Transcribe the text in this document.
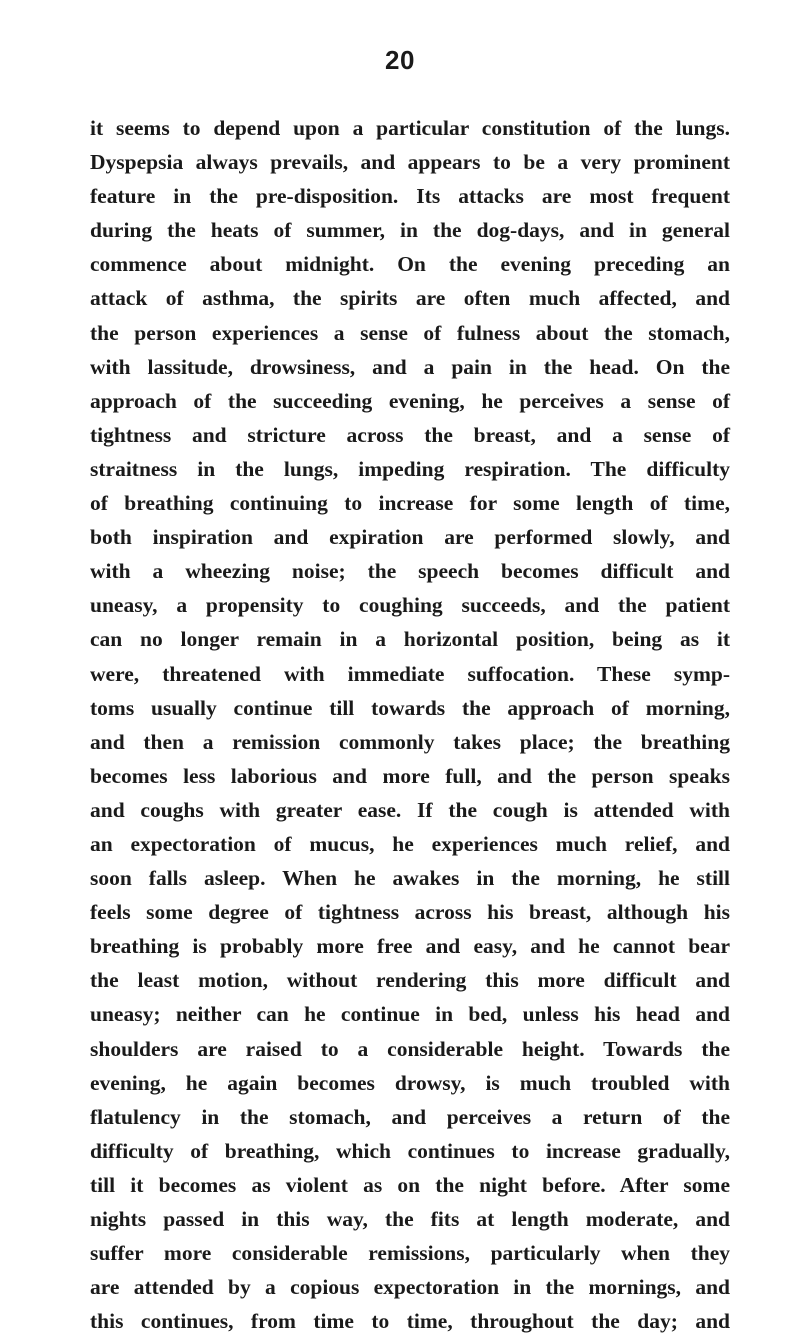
20
it seems to depend upon a particular constitution of the lungs.
Dyspepsia always prevails, and appears to be a very prominent
feature in the pre-disposition. Its attacks are most frequent
during the heats of summer, in the dog-days, and in general
commence about midnight. On the evening preceding an
attack of asthma, the spirits are often much affected, and
the person experiences a sense of fulness about the stomach,
with lassitude, drowsiness, and a pain in the head. On the
approach of the succeeding evening, he perceives a sense of
tightness and stricture across the breast, and a sense of
straitness in the lungs, impeding respiration. The difficulty
of breathing continuing to increase for some length of time,
both inspiration and expiration are performed slowly, and
with a wheezing noise; the speech becomes difficult and
uneasy, a propensity to coughing succeeds, and the patient
can no longer remain in a horizontal position, being as it
were, threatened with immediate suffocation. These symp-
toms usually continue till towards the approach of morning,
and then a remission commonly takes place; the breathing
becomes less laborious and more full, and the person speaks
and coughs with greater ease. If the cough is attended with
an expectoration of mucus, he experiences much relief, and
soon falls asleep. When he awakes in the morning, he still
feels some degree of tightness across his breast, although his
breathing is probably more free and easy, and he cannot bear
the least motion, without rendering this more difficult and
uneasy; neither can he continue in bed, unless his head and
shoulders are raised to a considerable height. Towards the
evening, he again becomes drowsy, is much troubled with
flatulency in the stomach, and perceives a return of the
difficulty of breathing, which continues to increase gradually,
till it becomes as violent as on the night before. After some
nights passed in this way, the fits at length moderate, and
suffer more considerable remissions, particularly when they
are attended by a copious expectoration in the mornings, and
this continues, from time to time, throughout the day; and
